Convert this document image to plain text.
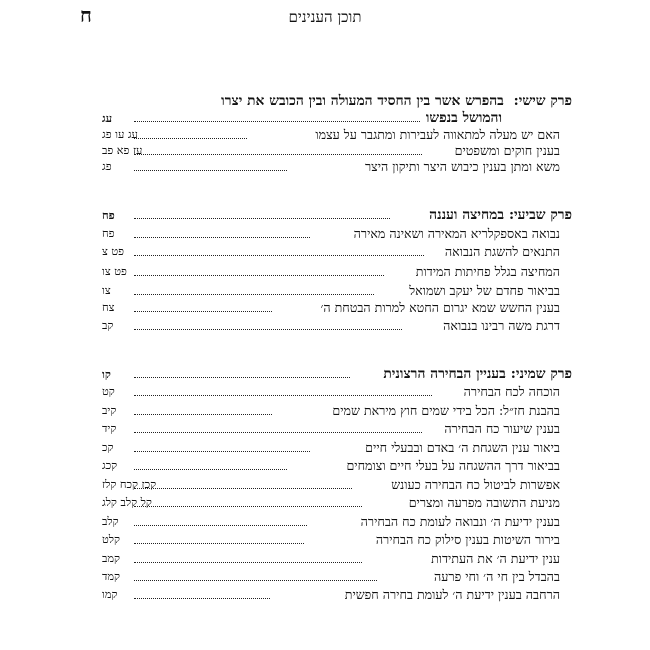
ח	תוכן הענינים
פרק שישי: בהפרש אשר בין החסיד המעולה ובין הכובש את יצרו
והמושל בנפשו
עג
האם יש מעלה למתאווה לעבירות ומתגבר על עצמו
עג עו פג
בענין חוקים ומשפטים
עז פא פב
משא ומתן בענין כיבוש היצר ותיקון היצר
פג
פרק שביעי:במחיצה ועננה
פח
נבואה באספקלריא המאירה ושאינה מאירה
פח
התנאים להשגת הנבואה
פט צ
המחיצה בגלל פחיתות המידות
פט צו
בביאור פחדם של יעקב ושמואל
צו
בענין החשש שמא יגרום החטא למרות הבטחת ה׳
צח
דרגת משה רבינו בנבואה
קב
פרק שמיני:בעניין הבחירה הרצונית
קו
הוכחה לכח הבחירה
קט
בהבנת חז״ל: הכל בידי שמים חוץ מיראת שמים
קיב
בענין שיעור כח הבחירה
קיד
ביאור ענין השגחת ה׳ באדם ובבעלי חיים
קכ
בביאור דרך ההשגחה על בעלי חיים וצומחים
קכג
אפשרות לביטול כח הבחירה כעונש
קכז קכח קלז
מניעת התשובה מפרעה ומצרים
קל קלב קלג
בענין ידיעת ה׳ ונבואה לעומת כח הבחירה
קלב
בירור השיטות בענין סילוק כח הבחירה
קלט
ענין ידיעת ה׳ את העתידות
קמב
בהבדל בין חי ה׳ וחי פרעה
קמד
הרחבה בענין ידיעת ה׳ לעומת בחירה חפשית
קמו
